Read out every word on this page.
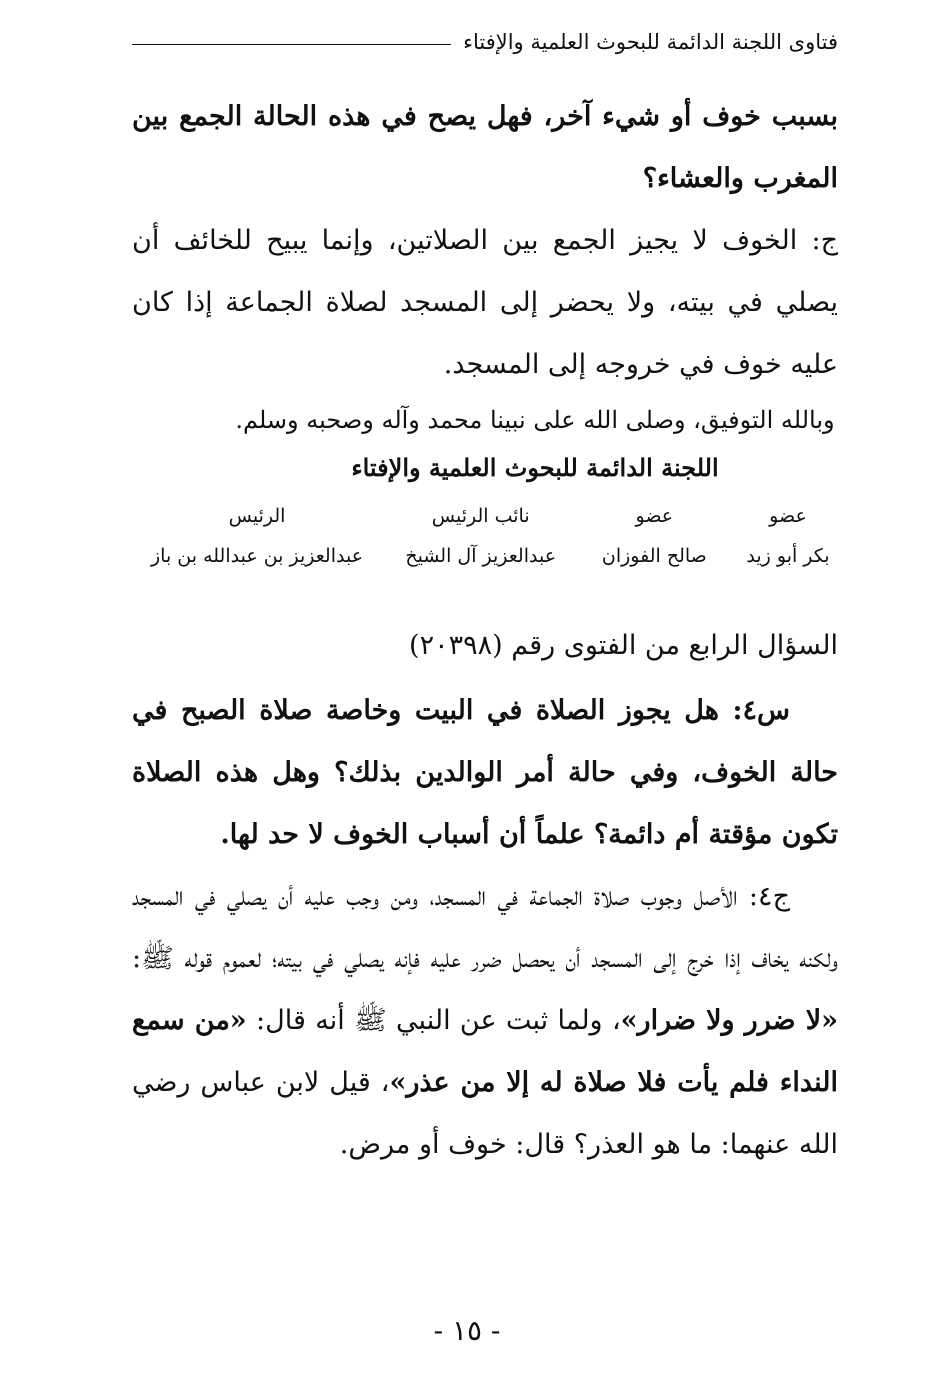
فتاوى اللجنة الدائمة للبحوث العلمية والإفتاء

بسبب خوف أو شيء آخر، فهل يصح في هذه الحالة الجمع بين المغرب والعشاء؟

ج: الخوف لا يجيز الجمع بين الصلاتين، وإنما يبيح للخائف أن يصلي في بيته، ولا يحضر إلى المسجد لصلاة الجماعة إذا كان عليه خوف في خروجه إلى المسجد.

وبالله التوفيق، وصلى الله على نبينا محمد وآله وصحبه وسلم.

اللجنة الدائمة للبحوث العلمية والإفتاء

عضو
عضو
نائب الرئيس
الرئيس
بكر أبو زيد
صالح الفوزان
عبدالعزيز آل الشيخ
عبدالعزيز بن عبدالله بن باز

السؤال الرابع من الفتوى رقم (٢٠٣٩٨)

س٤: هل يجوز الصلاة في البيت وخاصة صلاة الصبح في حالة الخوف، وفي حالة أمر الوالدين بذلك؟ وهل هذه الصلاة تكون مؤقتة أم دائمة؟ علماً أن أسباب الخوف لا حد لها.

ج٤: الأصل وجوب صلاة الجماعة في المسجد، ومن وجب عليه أن يصلي في المسجد ولكنه يخاف إذا خرج إلى المسجد أن يحصل ضرر عليه فإنه يصلي في بيته؛ لعموم قوله ﷺ: «لا ضرر ولا ضرار»، ولما ثبت عن النبي ﷺ أنه قال: «من سمع النداء فلم يأت فلا صلاة له إلا من عذر»، قيل لابن عباس رضي الله عنهما: ما هو العذر؟ قال: خوف أو مرض.

- ١٥ -
